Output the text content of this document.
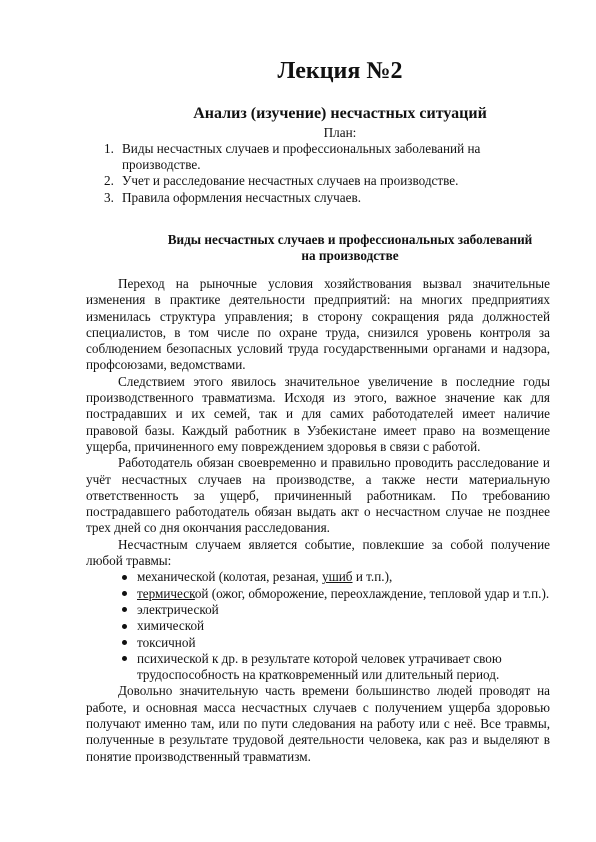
Лекция №2
Анализ (изучение) несчастных ситуаций
План:
1. Виды несчастных случаев и профессиональных заболеваний на производстве.
2. Учет и расследование несчастных случаев на производстве.
3. Правила оформления несчастных случаев.
Виды несчастных случаев и профессиональных заболеваний
на производстве

Переход на рыночные условия хозяйствования вызвал значительные изменения в практике деятельности предприятий: на многих предприятиях изменилась структура управления; в сторону сокращения ряда должностей специалистов, в том числе по охране труда, снизился уровень контроля за соблюдением безопасных условий труда государственными органами и надзора, профсоюзами, ведомствами.

Следствием этого явилось значительное увеличение в последние годы производственного травматизма. Исходя из этого, важное значение как для пострадавших и их семей, так и для самих работодателей имеет наличие правовой базы. Каждый работник в Узбекистане имеет право на возмещение ущерба, причиненного ему повреждением здоровья в связи с работой.

Работодатель обязан своевременно и правильно проводить расследование и учёт несчастных случаев на производстве, а также нести материальную ответственность за ущерб, причиненный работникам. По требованию пострадавшего работодатель обязан выдать акт о несчастном случае не позднее трех дней со дня окончания расследования.

Несчастным случаем является событие, повлекшие за собой получение любой травмы:

механической (колотая, резаная, ушиб и т.п.),
термической (ожог, обморожение, переохлаждение, тепловой удар и т.п.).
электрической
химической
токсичной
психической к др. в результате которой человек утрачивает свою трудоспособность на кратковременный или длительный период.

Довольно значительную часть времени большинство людей проводят на работе, и основная масса несчастных случаев с получением ущерба здоровью получают именно там, или по пути следования на работу или с неё. Все травмы, полученные в результате трудовой деятельности человека, как раз и выделяют в понятие производственный травматизм.
